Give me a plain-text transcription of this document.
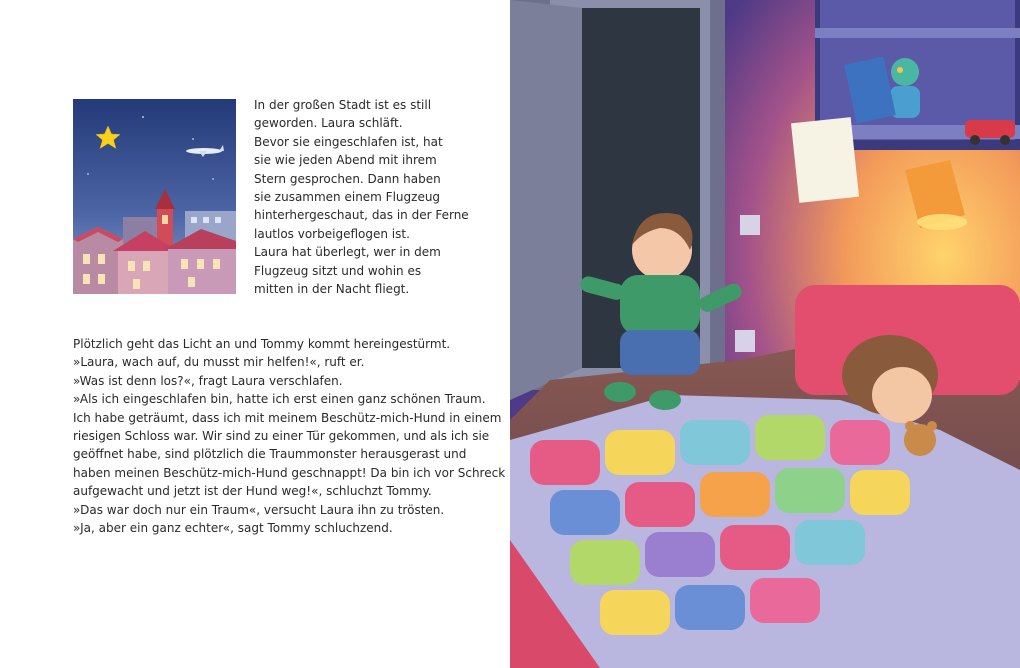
In der großen Stadt ist es still
geworden. Laura schläft.
Bevor sie eingeschlafen ist, hat
sie wie jeden Abend mit ihrem
Stern gesprochen. Dann haben
sie zusammen einem Flugzeug
hinterhergeschaut, das in der Ferne
lautlos vorbeigeflogen ist.
Laura hat überlegt, wer in dem
Flugzeug sitzt und wohin es
mitten in der Nacht fliegt.
Plötzlich geht das Licht an und Tommy kommt hereingestürmt.
»Laura, wach auf, du musst mir helfen!«, ruft er.
»Was ist denn los?«, fragt Laura verschlafen.
»Als ich eingeschlafen bin, hatte ich erst einen ganz schönen Traum.
Ich habe geträumt, dass ich mit meinem Beschütz-mich-Hund in einem
riesigen Schloss war. Wir sind zu einer Tür gekommen, und als ich sie
geöffnet habe, sind plötzlich die Traummonster herausgerast und
haben meinen Beschütz-mich-Hund geschnappt! Da bin ich vor Schreck
aufgewacht und jetzt ist der Hund weg!«, schluchzt Tommy.
»Das war doch nur ein Traum«, versucht Laura ihn zu trösten.
»Ja, aber ein ganz echter«, sagt Tommy schluchzend.
